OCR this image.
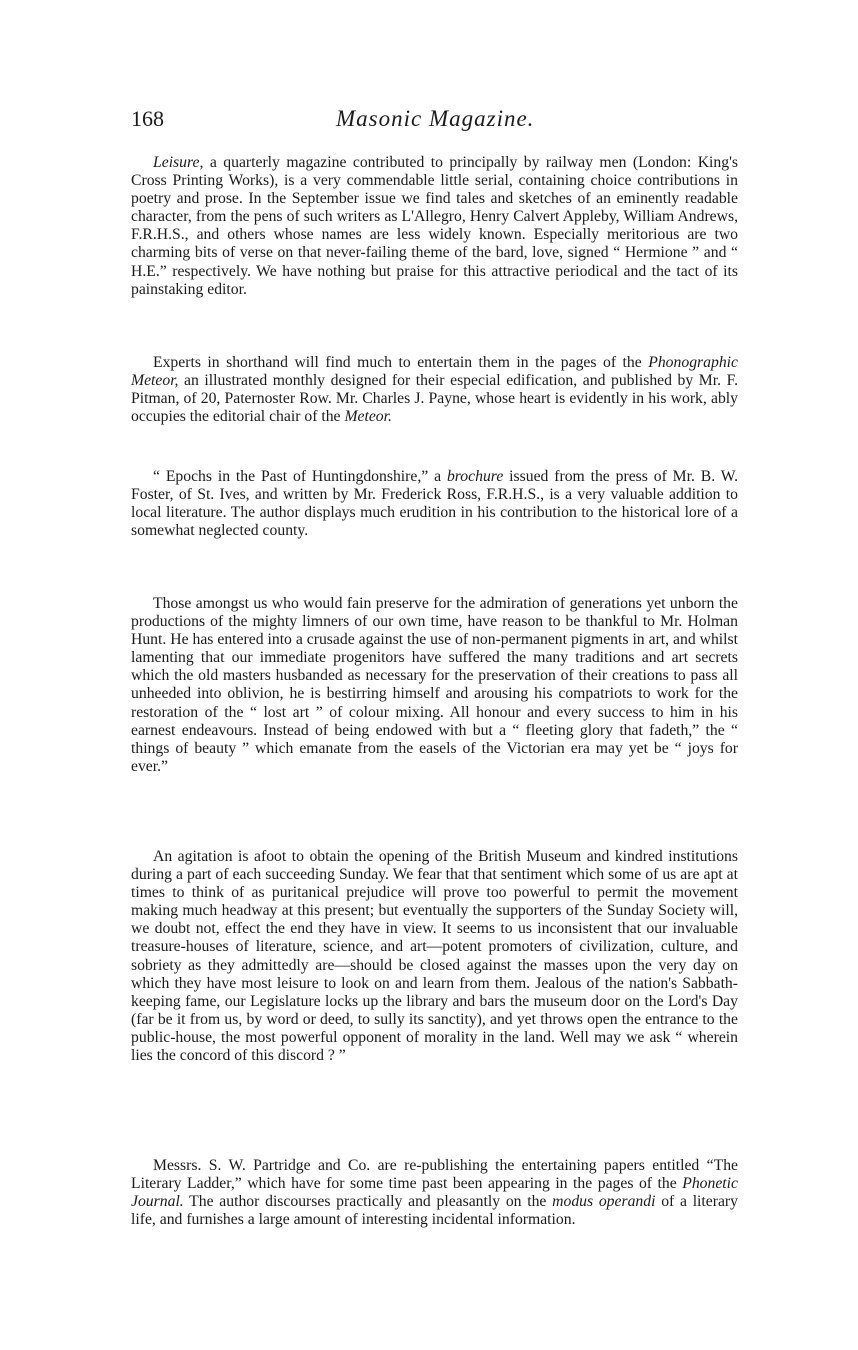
168	Masonic Magazine.
Leisure, a quarterly magazine contributed to principally by railway men (London: King's Cross Printing Works), is a very commendable little serial, containing choice contributions in poetry and prose. In the September issue we find tales and sketches of an eminently readable character, from the pens of such writers as L'Allegro, Henry Calvert Appleby, William Andrews, F.R.H.S., and others whose names are less widely known. Especially meritorious are two charming bits of verse on that never-failing theme of the bard, love, signed “ Hermione ” and “ H.E.” respectively. We have nothing but praise for this attractive periodical and the tact of its painstaking editor.
Experts in shorthand will find much to entertain them in the pages of the Phonographic Meteor, an illustrated monthly designed for their especial edification, and published by Mr. F. Pitman, of 20, Paternoster Row. Mr. Charles J. Payne, whose heart is evidently in his work, ably occupies the editorial chair of the Meteor.
“ Epochs in the Past of Huntingdonshire,” a brochure issued from the press of Mr. B. W. Foster, of St. Ives, and written by Mr. Frederick Ross, F.R.H.S., is a very valuable addition to local literature. The author displays much erudition in his contribution to the historical lore of a somewhat neglected county.
Those amongst us who would fain preserve for the admiration of generations yet unborn the productions of the mighty limners of our own time, have reason to be thankful to Mr. Holman Hunt. He has entered into a crusade against the use of non-permanent pigments in art, and whilst lamenting that our immediate progenitors have suffered the many traditions and art secrets which the old masters husbanded as necessary for the preservation of their creations to pass all unheeded into oblivion, he is bestirring himself and arousing his compatriots to work for the restoration of the “ lost art ” of colour mixing. All honour and every success to him in his earnest endeavours. Instead of being endowed with but a “ fleeting glory that fadeth,” the “ things of beauty ” which emanate from the easels of the Victorian era may yet be “ joys for ever.”
An agitation is afoot to obtain the opening of the British Museum and kindred institutions during a part of each succeeding Sunday. We fear that that sentiment which some of us are apt at times to think of as puritanical prejudice will prove too powerful to permit the movement making much headway at this present; but eventually the supporters of the Sunday Society will, we doubt not, effect the end they have in view. It seems to us inconsistent that our invaluable treasure-houses of literature, science, and art—potent promoters of civilization, culture, and sobriety as they admittedly are—should be closed against the masses upon the very day on which they have most leisure to look on and learn from them. Jealous of the nation's Sabbath-keeping fame, our Legislature locks up the library and bars the museum door on the Lord's Day (far be it from us, by word or deed, to sully its sanctity), and yet throws open the entrance to the public-house, the most powerful opponent of morality in the land. Well may we ask “ wherein lies the concord of this discord ? ”
Messrs. S. W. Partridge and Co. are re-publishing the entertaining papers entitled “The Literary Ladder,” which have for some time past been appearing in the pages of the Phonetic Journal. The author discourses practically and pleasantly on the modus operandi of a literary life, and furnishes a large amount of interesting incidental information.
